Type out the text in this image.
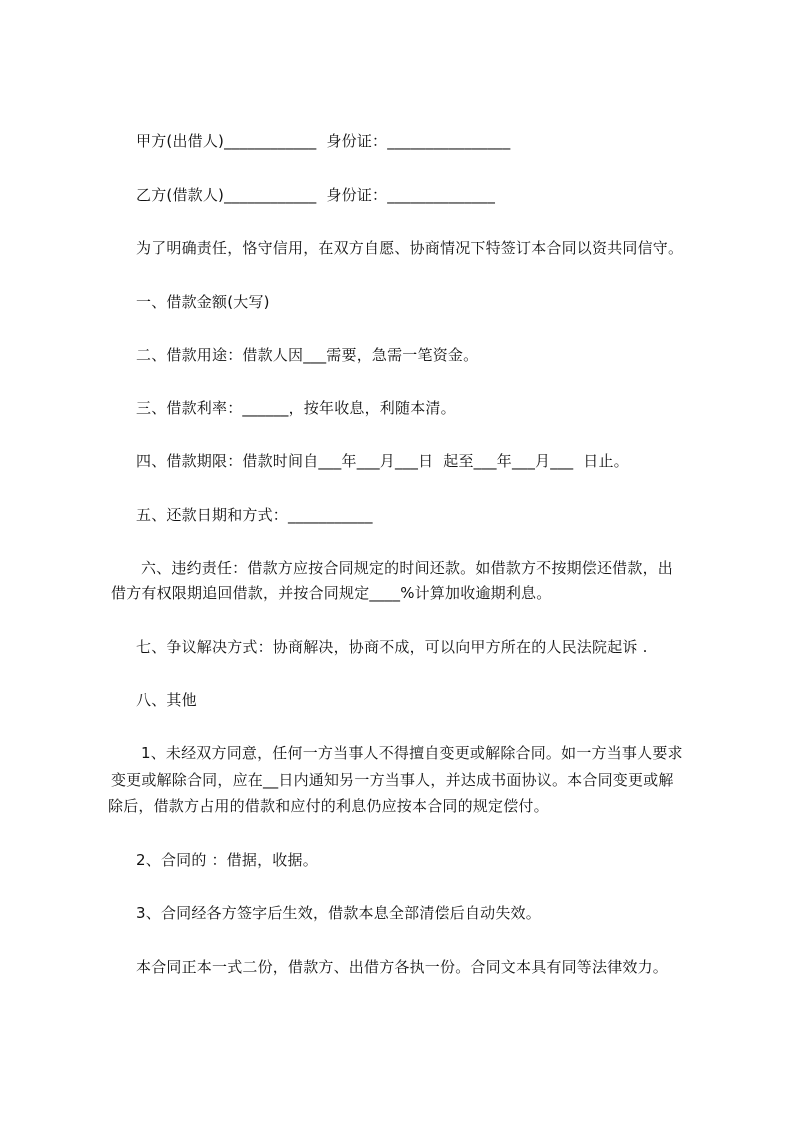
甲方(出借人)____________  身份证：________________
乙方(借款人)____________  身份证：______________
为了明确责任，恪守信用，在双方自愿、协商情况下特签订本合同以资共同信守。
一、借款金额(大写)
二、借款用途：借款人因___需要，急需一笔资金。
三、借款利率：______，按年收息，利随本清。
四、借款期限：借款时间自___年___月___日  起至___年___月___  日止。
五、还款日期和方式：___________
六、违约责任：借款方应按合同规定的时间还款。如借款方不按期偿还借款，出
借方有权限期追回借款，并按合同规定____%计算加收逾期利息。
七、争议解决方式：协商解决，协商不成，可以向甲方所在的人民法院起诉 .
八、其他
1、未经双方同意，任何一方当事人不得擅自变更或解除合同。如一方当事人要求
变更或解除合同，应在__日内通知另一方当事人，并达成书面协议。本合同变更或解
除后，借款方占用的借款和应付的利息仍应按本合同的规定偿付。
2、合同的 ：借据，收据。
3、合同经各方签字后生效，借款本息全部清偿后自动失效。
本合同正本一式二份，借款方、出借方各执一份。合同文本具有同等法律效力。
